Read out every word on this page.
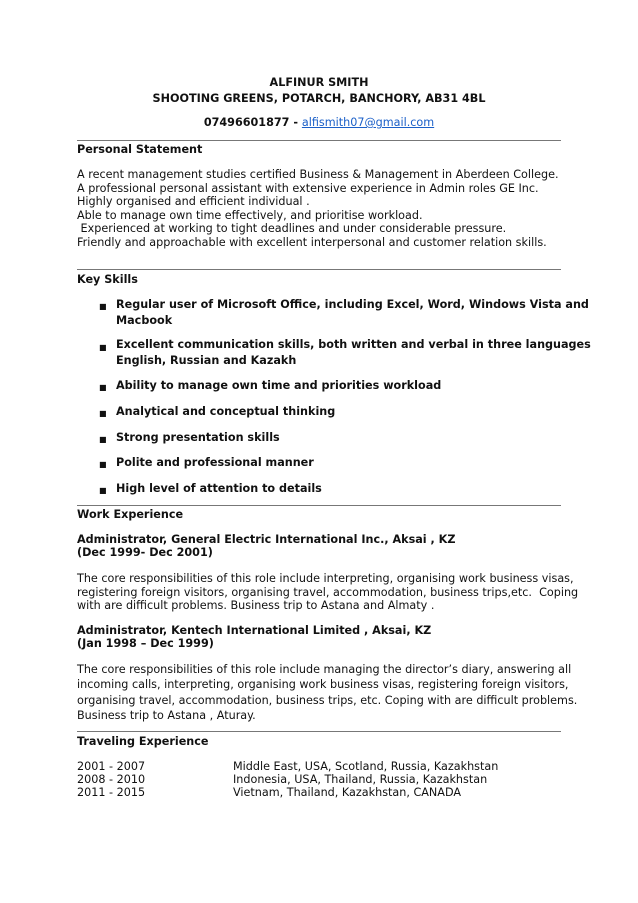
ALFINUR SMITH
SHOOTING GREENS, POTARCH, BANCHORY, AB31 4BL
07496601877 - alfismith07@gmail.com
Personal Statement
A recent management studies certified Business & Management in Aberdeen College.
A professional personal assistant with extensive experience in Admin roles GE Inc.
Highly organised and efficient individual .
Able to manage own time effectively, and prioritise workload.
Experienced at working to tight deadlines and under considerable pressure.
Friendly and approachable with excellent interpersonal and customer relation skills.
Key Skills
■ Regular user of Microsoft Office, including Excel, Word, Windows Vista and
Macbook
■ Excellent communication skills, both written and verbal in three languages
English, Russian and Kazakh
■ Ability to manage own time and priorities workload
■ Analytical and conceptual thinking
■ Strong presentation skills
■ Polite and professional manner
■ High level of attention to details
Work Experience
Administrator, General Electric International Inc., Aksai , KZ
(Dec 1999- Dec 2001)
The core responsibilities of this role include interpreting, organising work business visas,
registering foreign visitors, organising travel, accommodation, business trips,etc.  Coping
with are difficult problems. Business trip to Astana and Almaty .
Administrator, Kentech International Limited , Aksai, KZ
(Jan 1998 – Dec 1999)
The core responsibilities of this role include managing the director’s diary, answering all
incoming calls, interpreting, organising work business visas, registering foreign visitors,
organising travel, accommodation, business trips, etc. Coping with are difficult problems.
Business trip to Astana , Aturay.
Traveling Experience
2001 - 2007	Middle East, USA, Scotland, Russia, Kazakhstan
2008 - 2010	Indonesia, USA, Thailand, Russia, Kazakhstan
2011 - 2015	Vietnam, Thailand, Kazakhstan, CANADA
